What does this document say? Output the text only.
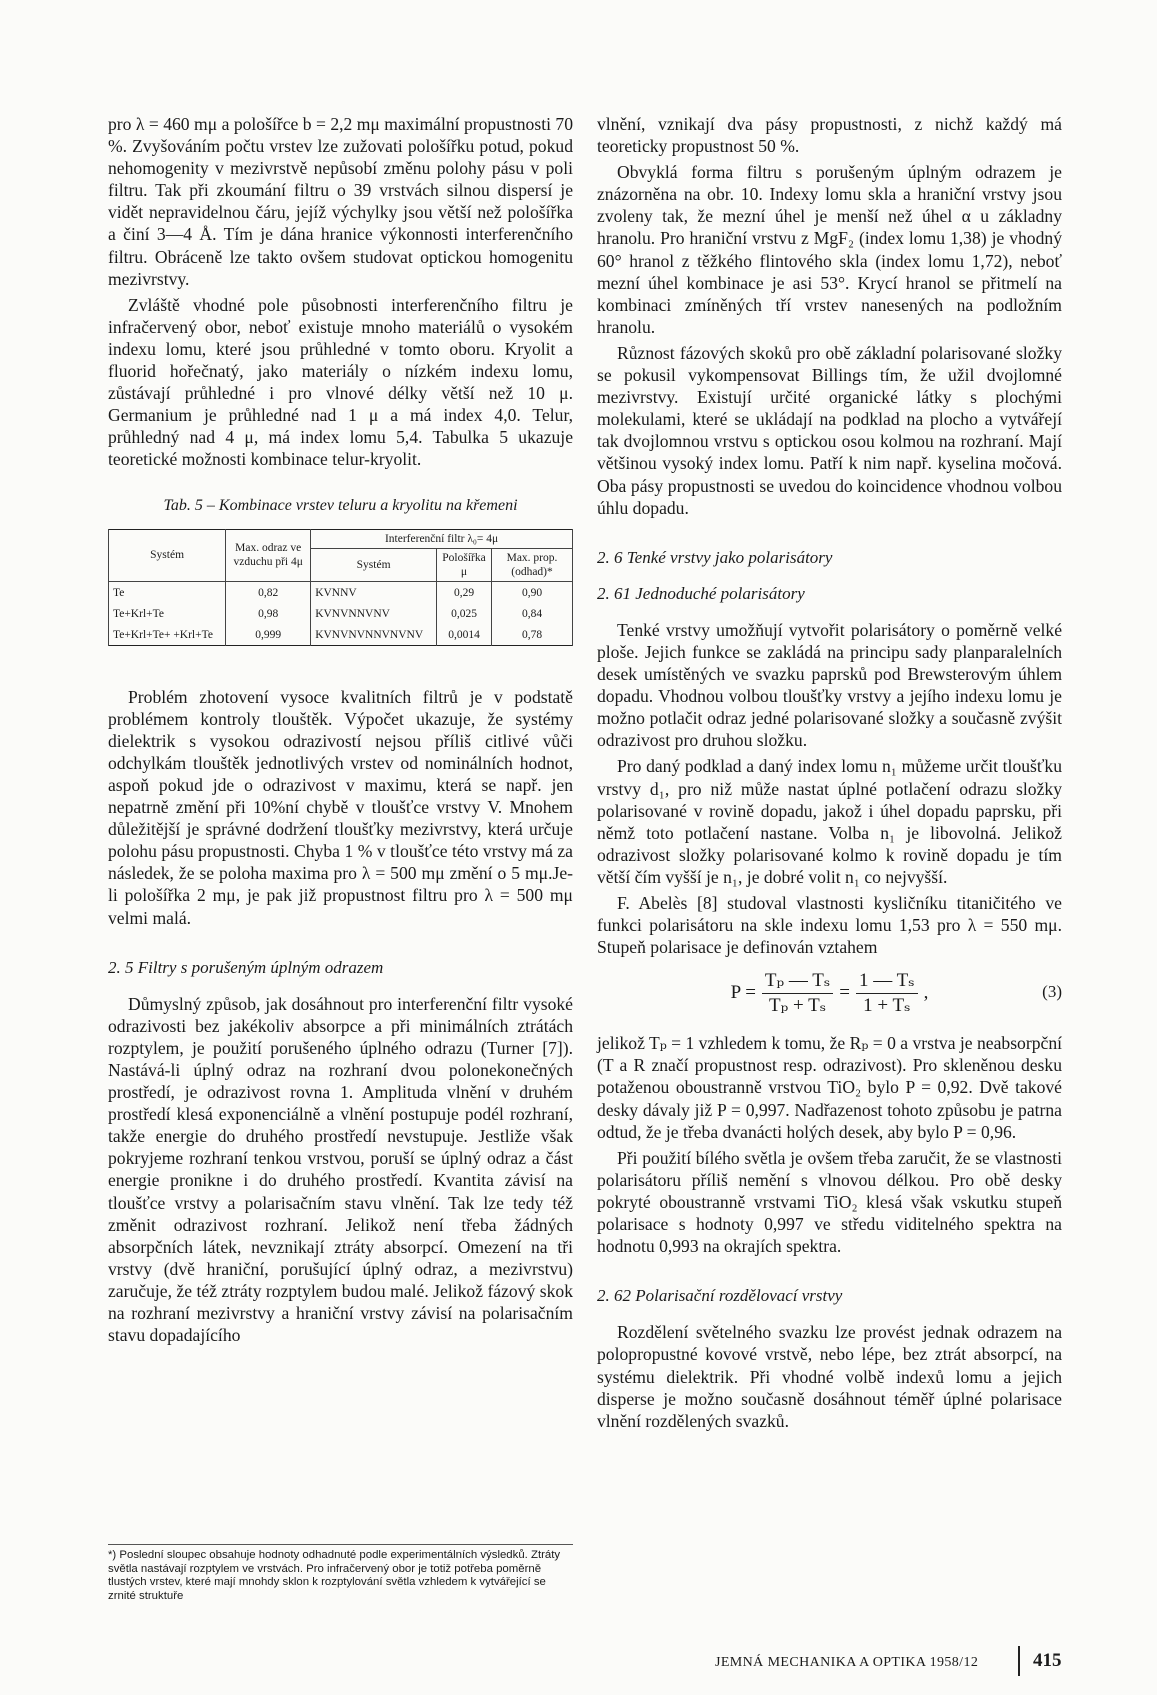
pro λ = 460 mμ a pološířce b = 2,2 mμ maximální propustnosti 70 %. Zvyšováním počtu vrstev lze zužovati pološířku potud, pokud nehomogenity v mezivrstvě nepůsobí změnu polohy pásu v poli filtru. Tak při zkoumání filtru o 39 vrstvách silnou dispersí je vidět nepravidelnou čáru, jejíž výchylky jsou větší než pološířka a činí 3—4 Å. Tím je dána hranice výkonnosti interferenčního filtru. Obráceně lze takto ovšem studovat optickou homogenitu mezivrstvy.

Zvláště vhodné pole působnosti interferenčního filtru je infračervený obor, neboť existuje mnoho materiálů o vysokém indexu lomu, které jsou průhledné v tomto oboru. Kryolit a fluorid hořečnatý, jako materiály o nízkém indexu lomu, zůstávají průhledné i pro vlnové délky větší než 10 μ. Germanium je průhledné nad 1 μ a má index 4,0. Telur, průhledný nad 4 μ, má index lomu 5,4. Tabulka 5 ukazuje teoretické možnosti kombinace telur-kryolit.

Tab. 5 – Kombinace vrstev teluru a kryolitu na křemeni
Systém	Max. odraz ve vzduchu při 4μ	Interferenční filtr λ₀= 4μ		
		Systém	Pološířka μ	Max. prop. (odhad)*
Te	0,82	KVNNV	0,29	0,90
Te+Krl+Te	0,98	KVNVNNVNV	0,025	0,84
Te+Krl+Te+ +Krl+Te	0,999	KVNVNVNNVNVNV	0,0014	0,78

Problém zhotovení vysoce kvalitních filtrů je v podstatě problémem kontroly tlouštěk. Výpočet ukazuje, že systémy dielektrik s vysokou odrazivostí nejsou příliš citlivé vůči odchylkám tlouštěk jednotlivých vrstev od nominálních hodnot, aspoň pokud jde o odrazivost v maximu, která se např. jen nepatrně změní při 10%ní chybě v tloušťce vrstvy V. Mnohem důležitější je správné dodržení tloušťky mezivrstvy, která určuje polohu pásu propustnosti. Chyba 1 % v tloušťce této vrstvy má za následek, že se poloha maxima pro λ = 500 mμ změní o 5 mμ.Je-li pološířka 2 mμ, je pak již propustnost filtru pro λ = 500 mμ velmi malá.

2. 5 Filtry s porušeným úplným odrazem

Důmyslný způsob, jak dosáhnout pro interferenční filtr vysoké odrazivosti bez jakékoliv absorpce a při minimálních ztrátách rozptylem, je použití porušeného úplného odrazu (Turner [7]). Nastává-li úplný odraz na rozhraní dvou polonekonečných prostředí, je odrazivost rovna 1. Amplituda vlnění v druhém prostředí klesá exponenciálně a vlnění postupuje podél rozhraní, takže energie do druhého prostředí nevstupuje. Jestliže však pokryjeme rozhraní tenkou vrstvou, poruší se úplný odraz a část energie pronikne i do druhého prostředí. Kvantita závisí na tloušťce vrstvy a polarisačním stavu vlnění. Tak lze tedy též změnit odrazivost rozhraní. Jelikož není třeba žádných absorpčních látek, nevznikají ztráty absorpcí. Omezení na tři vrstvy (dvě hraniční, porušující úplný odraz, a mezivrstvu) zaručuje, že též ztráty rozptylem budou malé. Jelikož fázový skok na rozhraní mezivrstvy a hraniční vrstvy závisí na polarisačním stavu dopadajícího

vlnění, vznikají dva pásy propustnosti, z nichž každý má teoreticky propustnost 50 %.

Obvyklá forma filtru s porušeným úplným odrazem je znázorněna na obr. 10. Indexy lomu skla a hraniční vrstvy jsou zvoleny tak, že mezní úhel je menší než úhel α u základny hranolu. Pro hraniční vrstvu z MgF₂ (index lomu 1,38) je vhodný 60° hranol z těžkého flintového skla (index lomu 1,72), neboť mezní úhel kombinace je asi 53°. Krycí hranol se přitmelí na kombinaci zmíněných tří vrstev nanesených na podložním hranolu.

Různost fázových skoků pro obě základní polarisované složky se pokusil vykompensovat Billings tím, že užil dvojlomné mezivrstvy. Existují určité organické látky s plochými molekulami, které se ukládají na podklad na plocho a vytvářejí tak dvojlomnou vrstvu s optickou osou kolmou na rozhraní. Mají většinou vysoký index lomu. Patří k nim např. kyselina močová. Oba pásy propustnosti se uvedou do koincidence vhodnou volbou úhlu dopadu.

2. 6 Tenké vrstvy jako polarisátory
2. 61 Jednoduché polarisátory

Tenké vrstvy umožňují vytvořit polarisátory o poměrně velké ploše. Jejich funkce se zakládá na principu sady planparalelních desek umístěných ve svazku paprsků pod Brewsterovým úhlem dopadu. Vhodnou volbou tloušťky vrstvy a jejího indexu lomu je možno potlačit odraz jedné polarisované složky a současně zvýšit odrazivost pro druhou složku.

Pro daný podklad a daný index lomu n₁ můžeme určit tloušťku vrstvy d₁, pro niž může nastat úplné potlačení odrazu složky polarisované v rovině dopadu, jakož i úhel dopadu paprsku, při němž toto potlačení nastane. Volba n₁ je libovolná. Jelikož odrazivost složky polarisované kolmo k rovině dopadu je tím větší čím vyšší je n₁, je dobré volit n₁ co nejvyšší.

F. Abelès [8] studoval vlastnosti kysličníku titaničitého ve funkci polarisátoru na skle indexu lomu 1,53 pro λ = 550 mμ. Stupeň polarisace je definován vztahem

$P = \frac{\text{Tₚ — Tₛ}}{\text{Tₚ + Tₛ}} = \frac{\text{1 — Tₛ}}{\text{1 + Tₛ}}$ ,	(3)

jelikož Tₚ = 1 vzhledem k tomu, že Rₚ = 0 a vrstva je neabsorpční (T a R značí propustnost resp. odrazivost). Pro skleněnou desku potaženou oboustranně vrstvou TiO₂ bylo P = 0,92. Dvě takové desky dávaly již P = 0,997. Nadřazenost tohoto způsobu je patrna odtud, že je třeba dvanácti holých desek, aby bylo P = 0,96.

Při použití bílého světla je ovšem třeba zaručit, že se vlastnosti polarisátoru příliš nemění s vlnovou délkou. Pro obě desky pokryté oboustranně vrstvami TiO₂ klesá však vskutku stupeň polarisace s hodnoty 0,997 ve středu viditelného spektra na hodnotu 0,993 na okrajích spektra.

2. 62 Polarisační rozdělovací vrstvy

Rozdělení světelného svazku lze provést jednak odrazem na polopropustné kovové vrstvě, nebo lépe, bez ztrát absorpcí, na systému dielektrik. Při vhodné volbě indexů lomu a jejich disperse je možno současně dosáhnout téměř úplné polarisace vlnění rozdělených svazků.

*) Poslední sloupec obsahuje hodnoty odhadnuté podle experimentálních výsledků. Ztráty světla nastávají rozptylem ve vrstvách. Pro infračervený obor je totiž potřeba poměrně tlustých vrstev, které mají mnohdy sklon k rozptylování světla vzhledem k vytvářející se zrnité struktuře
JEMNÁ MECHANIKA A OPTIKA 1958/12	415
